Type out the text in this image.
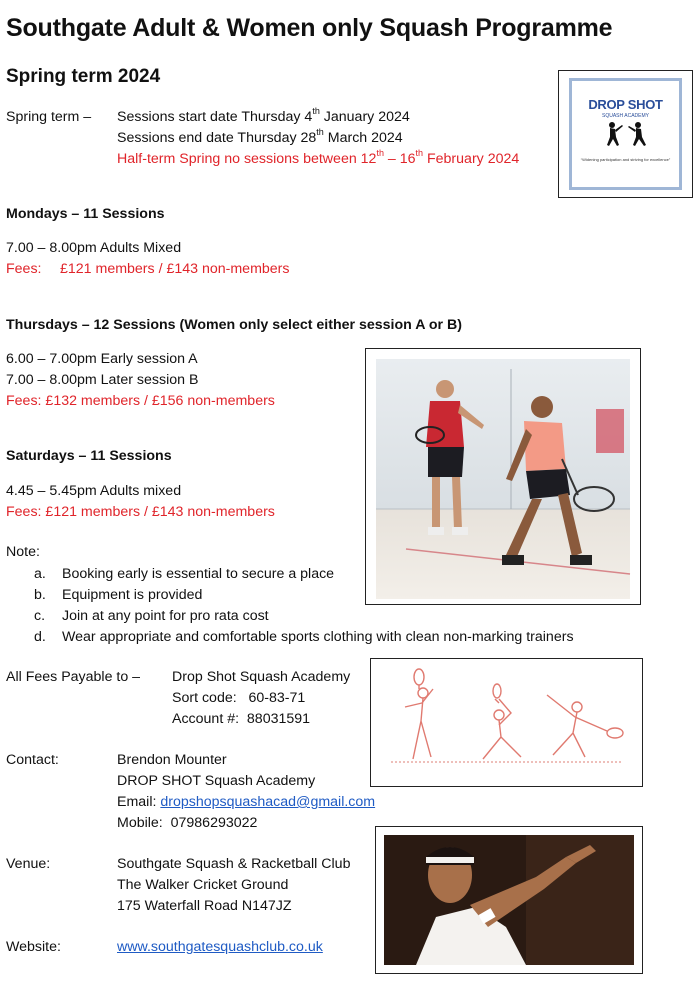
Southgate Adult & Women only Squash Programme
Spring term 2024
Spring term – Sessions start date Thursday 4th January 2024
Sessions end date Thursday 28th March 2024
Half-term Spring no sessions between 12th – 16th February 2024
DROP SHOT
SQUASH ACADEMY
“Widening participation and striving for excellence”
Mondays – 11 Sessions
7.00 – 8.00pm Adults Mixed
Fees: £121 members / £143 non-members
Thursdays – 12 Sessions (Women only select either session A or B)
6.00 – 7.00pm Early session A
7.00 – 8.00pm Later session B
Fees: £132 members / £156 non-members
Saturdays – 11 Sessions
4.45 – 5.45pm Adults mixed
Fees: £121 members / £143 non-members
Note:
a.	Booking early is essential to secure a place
b.	Equipment is provided
c.	Join at any point for pro rata cost
d.	Wear appropriate and comfortable sports clothing with clean non-marking trainers
All Fees Payable to – Drop Shot Squash Academy
Sort code:   60-83-71
Account #:  88031591
Contact:	Brendon Mounter
DROP SHOT Squash Academy
Email: dropshopsquashacad@gmail.com
Mobile:  07986293022
Venue:	Southgate Squash & Racketball Club
The Walker Cricket Ground
175 Waterfall Road N147JZ
Website:	www.southgatesquashclub.co.uk
